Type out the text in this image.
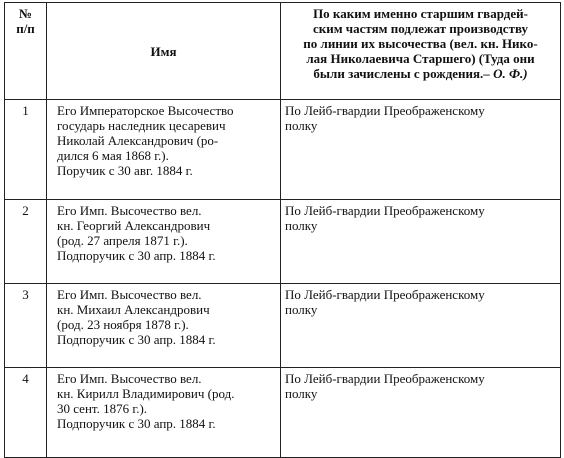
№
п/п	Имя	По каким именно старшим гвардей-
ским частям подлежат производству
по линии их высочества (вел. кн. Нико-
лая Николаевича Старшего) (Туда они
были зачислены с рождения.– О. Ф.)

1	Его Императорское Высочество
государь наследник цесаревич
Николай Александрович (ро-
дился 6 мая 1868 г.).
Поручик с 30 авг. 1884 г.	По Лейб-гвардии Преображенскому
полку

2	Его Имп. Высочество вел.
кн. Георгий Александрович
(род. 27 апреля 1871 г.).
Подпоручик с 30 апр. 1884 г.	По Лейб-гвардии Преображенскому
полку

3	Его Имп. Высочество вел.
кн. Михаил Александрович
(род. 23 ноября 1878 г.).
Подпоручик с 30 апр. 1884 г.	По Лейб-гвардии Преображенскому
полку

4	Его Имп. Высочество вел.
кн. Кирилл Владимирович (род.
30 сент. 1876 г.).
Подпоручик с 30 апр. 1884 г.	По Лейб-гвардии Преображенскому
полку
